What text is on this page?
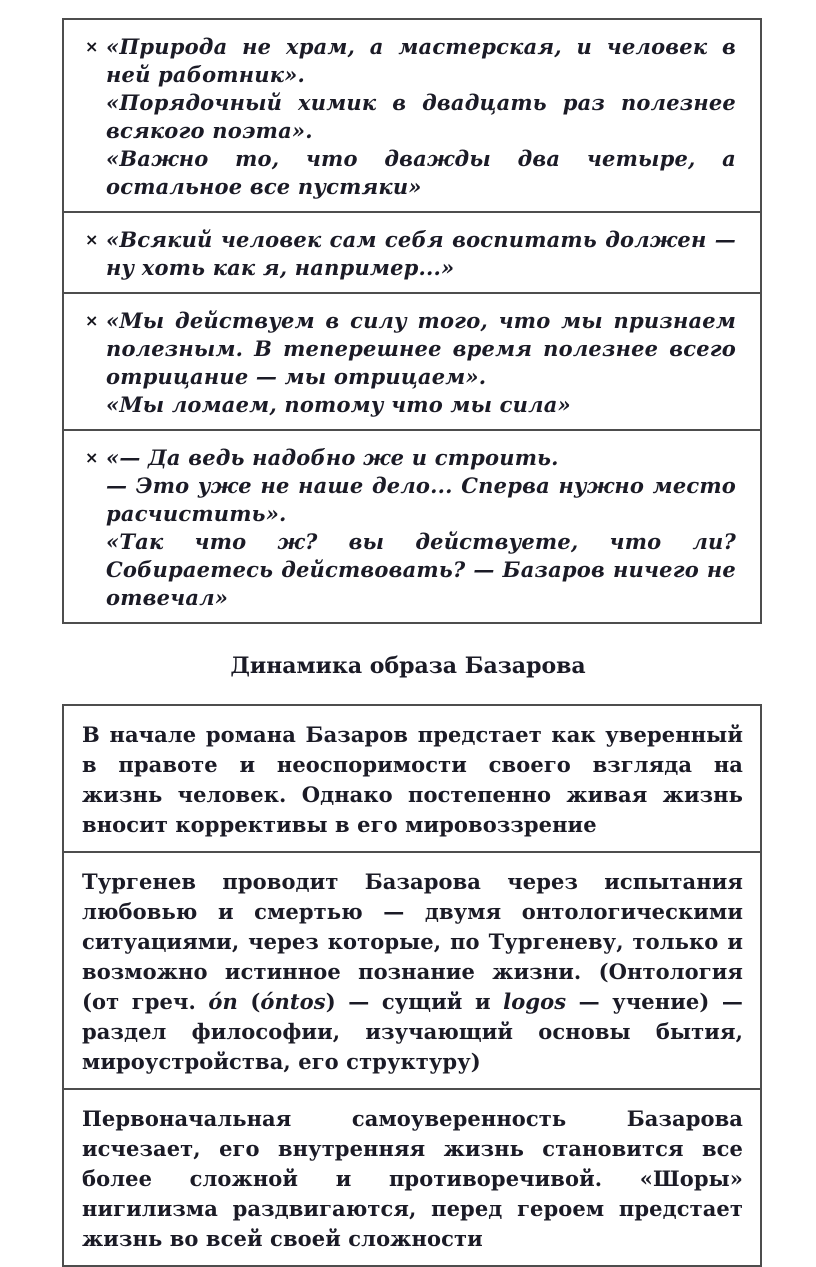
× «Природа не храм, а мастерская, и человек в ней работник».

«Порядочный химик в двадцать раз полезнее всякого поэта».

«Важно то, что дважды два четыре, а остальное все пустяки»

× «Всякий человек сам себя воспитать должен — ну хоть как я, например...»

× «Мы действуем в силу того, что мы признаем полезным. В теперешнее время полезнее всего отрицание — мы отрицаем».

«Мы ломаем, потому что мы сила»

× «— Да ведь надобно же и строить.

— Это уже не наше дело... Сперва нужно место расчистить».

«Так что ж? вы действуете, что ли? Собираетесь действовать? — Базаров ничего не отвечал»

Динамика образа Базарова

В начале романа Базаров предстает как уверенный в правоте и неоспоримости своего взгляда на жизнь человек. Однако постепенно живая жизнь вносит коррективы в его мировоззрение

Тургенев проводит Базарова через испытания любовью и смертью — двумя онтологическими ситуациями, через которые, по Тургеневу, только и возможно истинное познание жизни. (Онтология (от греч. ón (óntos) — сущий и logos — учение) — раздел философии, изучающий основы бытия, мироустройства, его структуру)

Первоначальная самоуверенность Базарова исчезает, его внутренняя жизнь становится все более сложной и противоречивой. «Шоры» нигилизма раздвигаются, перед героем предстает жизнь во всей своей сложности
